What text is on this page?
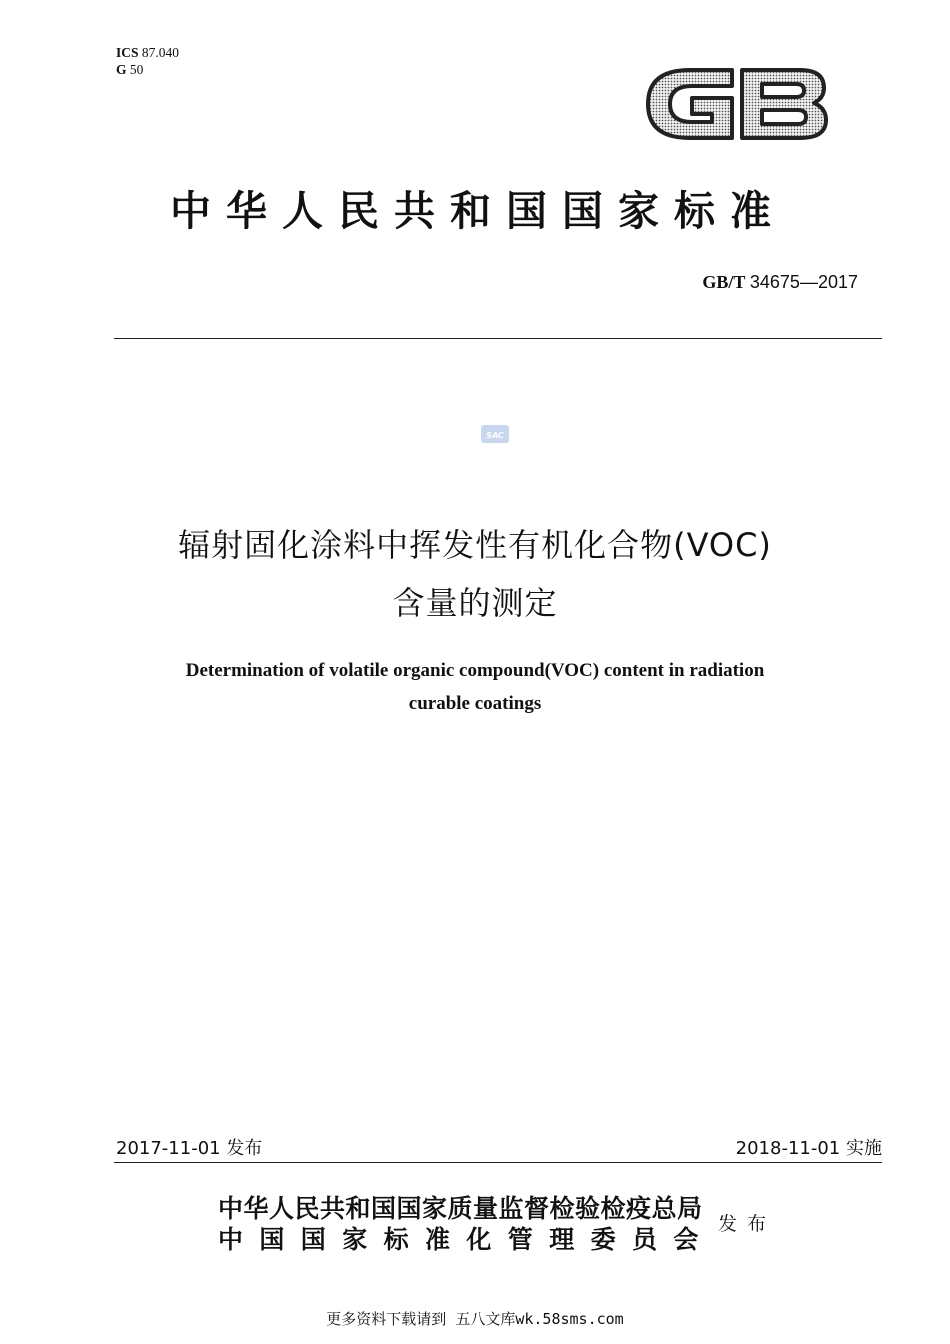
ICS 87.040
G 50
中华人民共和国国家标准
GB/T 34675—2017
SAC
辐射固化涂料中挥发性有机化合物(VOC)
含量的测定
Determination of volatile organic compound(VOC) content in radiation
curable coatings
2017-11-01 发布	2018-11-01 实施
中华人民共和国国家质量监督检验检疫总局
中国国家标准化管理委员会
发布
更多资料下载请到 五八文库wk.58sms.com
